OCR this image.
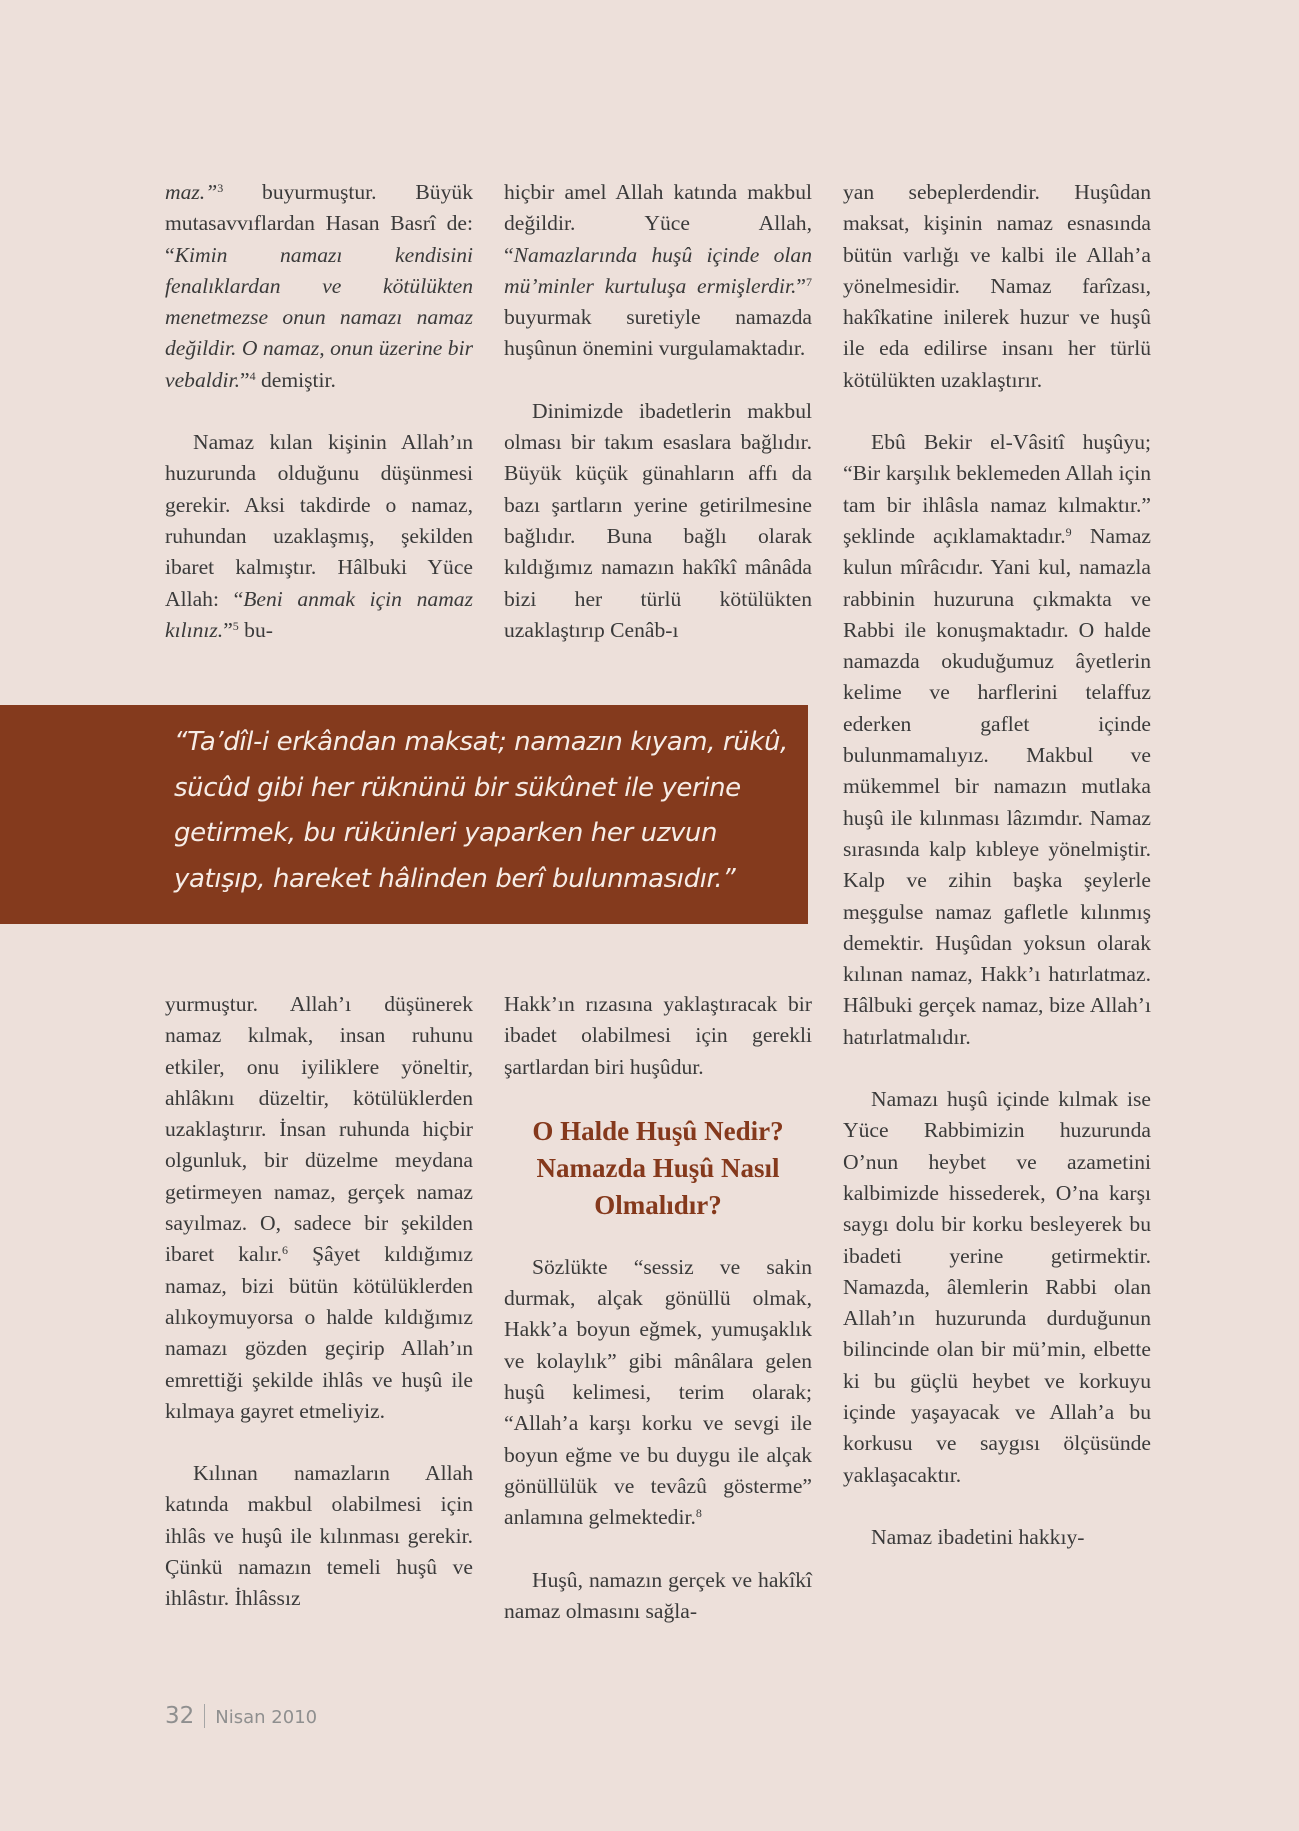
maz.”$^3$ buyurmuştur. Büyük mutasavvıflardan Hasan Basrî de: “Kimin namazı kendisini fenalıklardan ve kötülükten menetmezse onun namazı namaz değildir. O namaz, onun üzerine bir vebaldir.”$^4$ demiştir.

Namaz kılan kişinin Allah’ın huzurunda olduğunu düşünmesi gerekir. Aksi takdirde o namaz, ruhundan uzaklaşmış, şekilden ibaret kalmıştır. Hâlbuki Yüce Allah: “Beni anmak için namaz kılınız.”$^5$ bu-

hiçbir amel Allah katında makbul değildir. Yüce Allah, “Namazlarında huşû içinde olan mü’minler kurtuluşa ermişlerdir.”$^7$ buyurmak suretiyle namazda huşûnun önemini vurgulamaktadır.

Dinimizde ibadetlerin makbul olması bir takım esaslara bağlıdır. Büyük küçük günahların affı da bazı şartların yerine getirilmesine bağlıdır. Buna bağlı olarak kıldığımız namazın hakîkî mânâda bizi her türlü kötülükten uzaklaştırıp Cenâb-ı

yan sebeplerdendir. Huşûdan maksat, kişinin namaz esnasında bütün varlığı ve kalbi ile Allah’a yönelmesidir. Namaz farîzası, hakîkatine inilerek huzur ve huşû ile eda edilirse insanı her türlü kötülükten uzaklaştırır.

Ebû Bekir el-Vâsitî huşûyu; “Bir karşılık beklemeden Allah için tam bir ihlâsla namaz kılmaktır.” şeklinde açıklamaktadır.$^9$ Namaz kulun mîrâcıdır. Yani kul, namazla rabbinin huzuruna çıkmakta ve Rabbi ile konuşmaktadır. O halde namazda okuduğumuz âyetlerin kelime ve harflerini telaffuz ederken gaflet içinde bulunmamalıyız. Makbul ve mükemmel bir namazın mutlaka huşû ile kılınması lâzımdır. Namaz sırasında kalp kıbleye yönelmiştir. Kalp ve zihin başka şeylerle meşgulse namaz gafletle kılınmış demektir. Huşûdan yoksun olarak kılınan namaz, Hakk’ı hatırlatmaz. Hâlbuki gerçek namaz, bize Allah’ı hatırlatmalıdır.

Namazı huşû içinde kılmak ise Yüce Rabbimizin huzurunda O’nun heybet ve azametini kalbimizde hissederek, O’na karşı saygı dolu bir korku besleyerek bu ibadeti yerine getirmektir. Namazda, âlemlerin Rabbi olan Allah’ın huzurunda durduğunun bilincinde olan bir mü’min, elbette ki bu güçlü heybet ve korkuyu içinde yaşayacak ve Allah’a bu korkusu ve saygısı ölçüsünde yaklaşacaktır.

Namaz ibadetini hakkıy-

“Ta’dîl-i erkândan maksat; namazın kıyam, rükû, sücûd gibi her rüknünü bir sükûnet ile yerine getirmek, bu rükünleri yaparken her uzvun yatışıp, hareket hâlinden berî bulunmasıdır.”

yurmuştur. Allah’ı düşünerek namaz kılmak, insan ruhunu etkiler, onu iyiliklere yöneltir, ahlâkını düzeltir, kötülüklerden uzaklaştırır. İnsan ruhunda hiçbir olgunluk, bir düzelme meydana getirmeyen namaz, gerçek namaz sayılmaz. O, sadece bir şekilden ibaret kalır.$^6$ Şâyet kıldığımız namaz, bizi bütün kötülüklerden alıkoymuyorsa o halde kıldığımız namazı gözden geçirip Allah’ın emrettiği şekilde ihlâs ve huşû ile kılmaya gayret etmeliyiz.

Kılınan namazların Allah katında makbul olabilmesi için ihlâs ve huşû ile kılınması gerekir. Çünkü namazın temeli huşû ve ihlâstır. İhlâssız

Hakk’ın rızasına yaklaştıracak bir ibadet olabilmesi için gerekli şartlardan biri huşûdur.

O Halde Huşû Nedir? Namazda Huşû Nasıl Olmalıdır?

Sözlükte “sessiz ve sakin durmak, alçak gönüllü olmak, Hakk’a boyun eğmek, yumuşaklık ve kolaylık” gibi mânâlara gelen huşû kelimesi, terim olarak; “Allah’a karşı korku ve sevgi ile boyun eğme ve bu duygu ile alçak gönüllülük ve tevâzû gösterme” anlamına gelmektedir.$^8$

Huşû, namazın gerçek ve hakîkî namaz olmasını sağla-

32 Nisan 2010
